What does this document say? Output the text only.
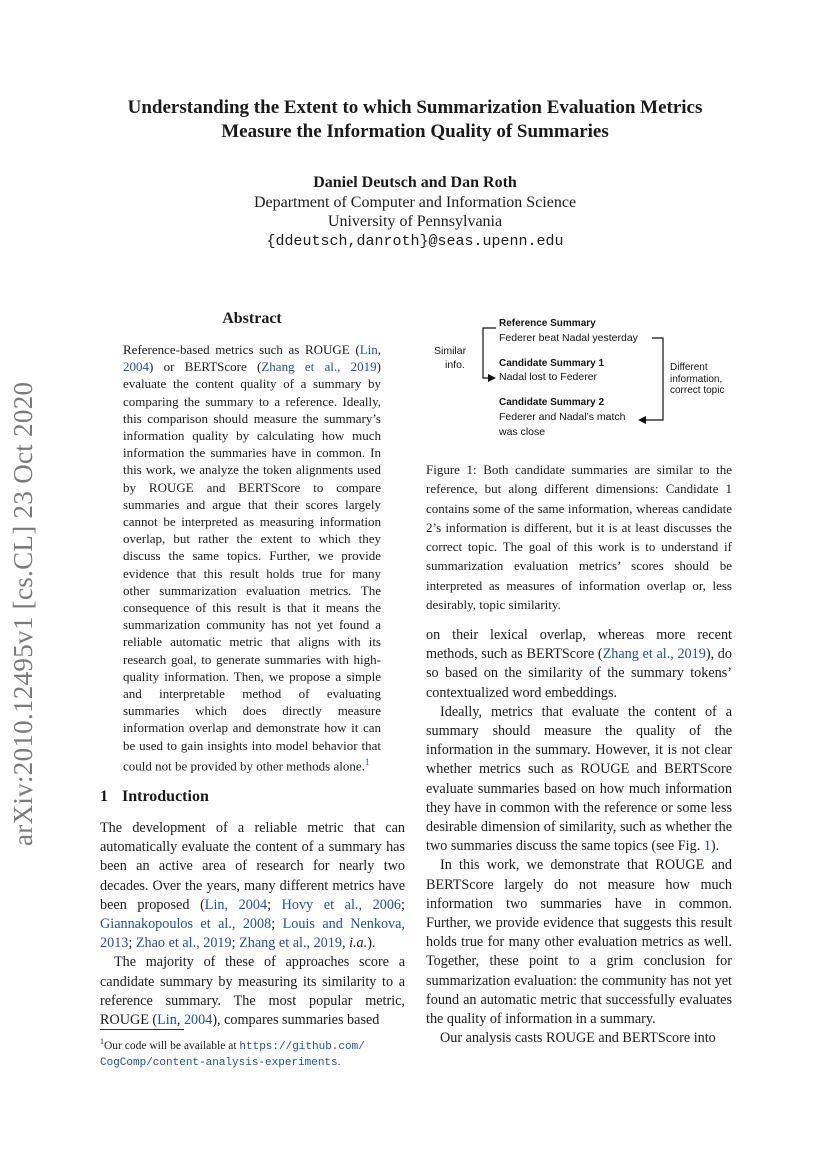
arXiv:2010.12495v1 [cs.CL] 23 Oct 2020
Understanding the Extent to which Summarization Evaluation Metrics
Measure the Information Quality of Summaries
Daniel Deutsch and Dan Roth
Department of Computer and Information Science
University of Pennsylvania
{ddeutsch,danroth}@seas.upenn.edu
Abstract
Reference-based metrics such as ROUGE (Lin, 2004) or BERTScore (Zhang et al., 2019) evaluate the content quality of a summary by comparing the summary to a reference. Ideally, this comparison should measure the summary’s information quality by calculating how much information the summaries have in common. In this work, we analyze the token alignments used by ROUGE and BERTScore to compare summaries and argue that their scores largely cannot be interpreted as measuring information overlap, but rather the extent to which they discuss the same topics. Further, we provide evidence that this result holds true for many other summarization evaluation metrics. The consequence of this result is that it means the summarization community has not yet found a reliable automatic metric that aligns with its research goal, to generate summaries with high-quality information. Then, we propose a simple and interpretable method of evaluating summaries which does directly measure information overlap and demonstrate how it can be used to gain insights into model behavior that could not be provided by other methods alone.$^1$
1 Introduction

The development of a reliable metric that can automatically evaluate the content of a summary has been an active area of research for nearly two decades. Over the years, many different metrics have been proposed (Lin, 2004; Hovy et al., 2006; Giannakopoulos et al., 2008; Louis and Nenkova, 2013; Zhao et al., 2019; Zhang et al., 2019, i.a.).

The majority of these of approaches score a candidate summary by measuring its similarity to a reference summary. The most popular metric, ROUGE (Lin, 2004), compares summaries based

$^1$Our code will be available at https://github.com/
CogComp/content-analysis-experiments.
Reference Summary
Federer beat Nadal yesterday
Similar
info.	Candidate Summary 1
Nadal lost to Federer
Different
information,
correct topic
Candidate Summary 2
Federer and Nadal’s match
was close
Figure 1: Both candidate summaries are similar to the reference, but along different dimensions: Candidate 1 contains some of the same information, whereas candidate 2’s information is different, but it is at least discusses the correct topic. The goal of this work is to understand if summarization evaluation metrics’ scores should be interpreted as measures of information overlap or, less desirably, topic similarity.

on their lexical overlap, whereas more recent methods, such as BERTScore (Zhang et al., 2019), do so based on the similarity of the summary tokens’ contextualized word embeddings.

Ideally, metrics that evaluate the content of a summary should measure the quality of the information in the summary. However, it is not clear whether metrics such as ROUGE and BERTScore evaluate summaries based on how much information they have in common with the reference or some less desirable dimension of similarity, such as whether the two summaries discuss the same topics (see Fig. 1).

In this work, we demonstrate that ROUGE and BERTScore largely do not measure how much information two summaries have in common. Further, we provide evidence that suggests this result holds true for many other evaluation metrics as well. Together, these point to a grim conclusion for summarization evaluation: the community has not yet found an automatic metric that successfully evaluates the quality of information in a summary.

Our analysis casts ROUGE and BERTScore into
